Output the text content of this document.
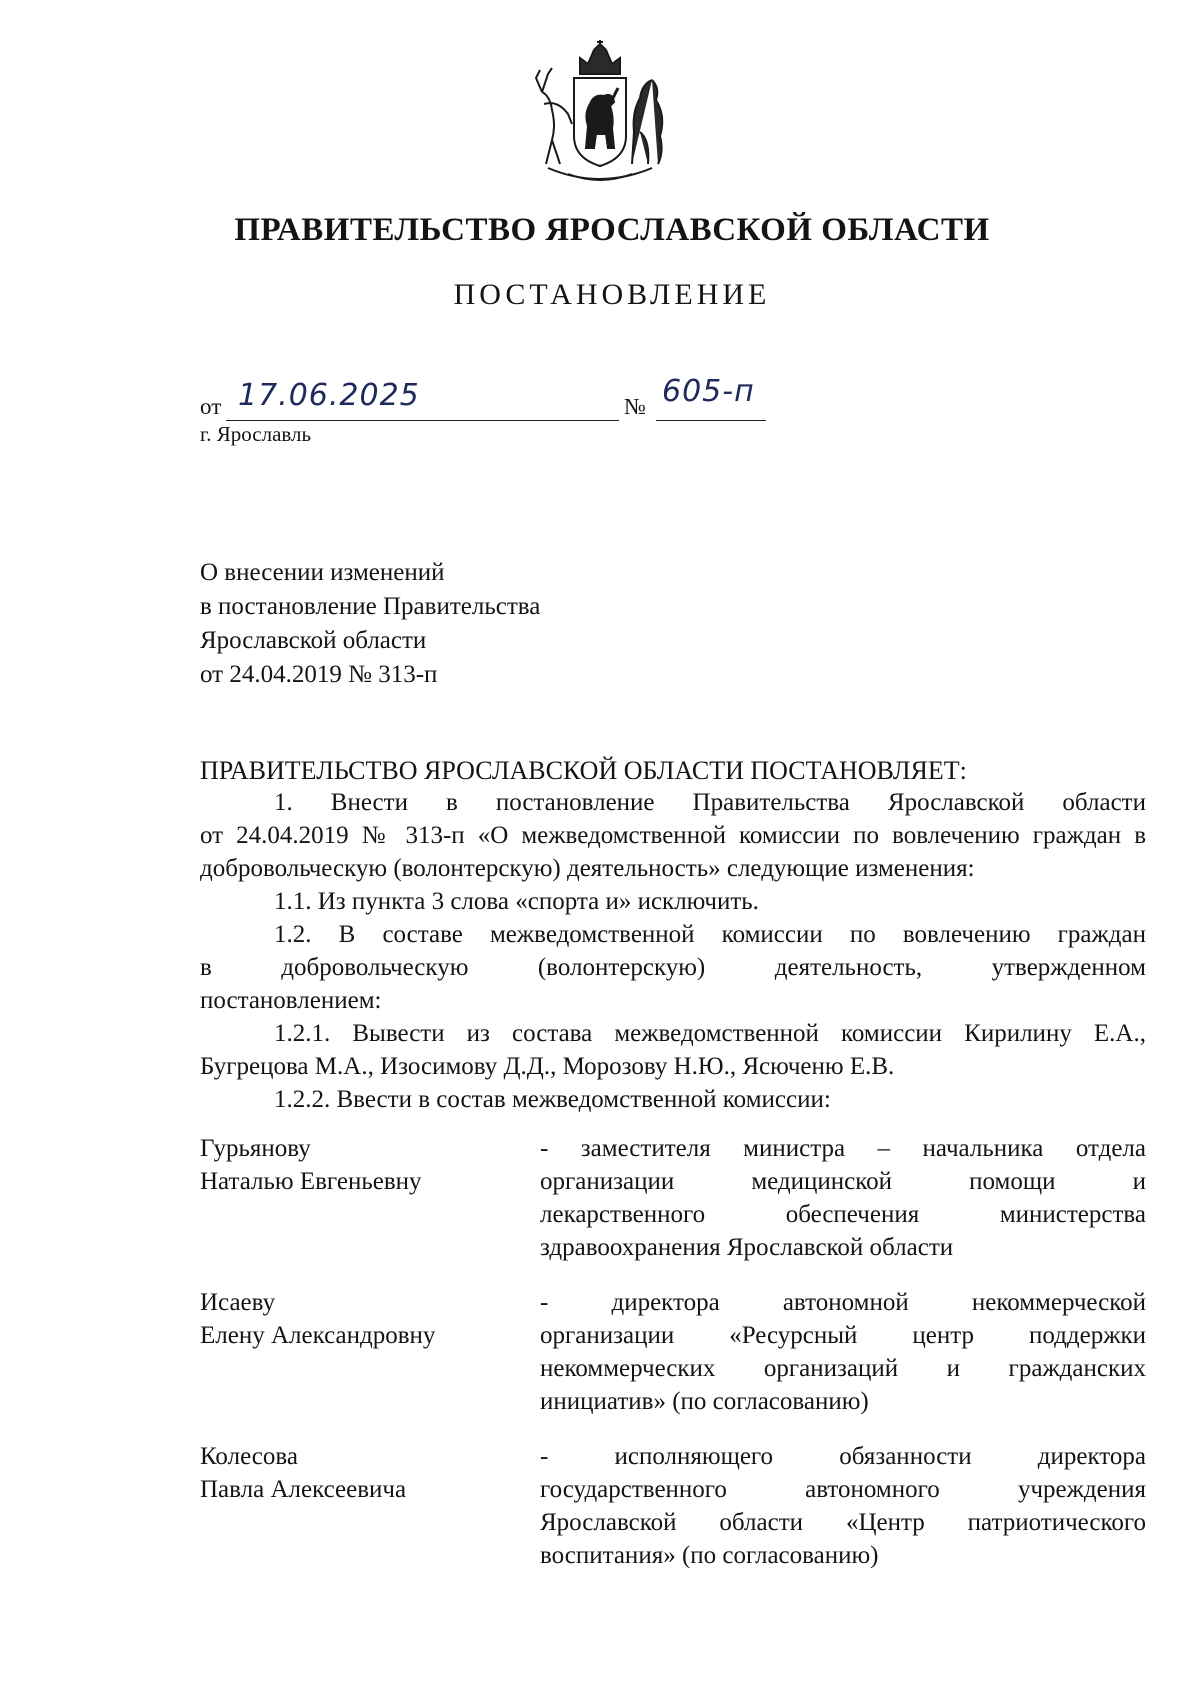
ПРАВИТЕЛЬСТВО ЯРОСЛАВСКОЙ ОБЛАСТИ
ПОСТАНОВЛЕНИЕ
от 17.06.2025	№ 605-п
г. Ярославль
О внесении изменений
в постановление Правительства
Ярославской области
от 24.04.2019 № 313-п
ПРАВИТЕЛЬСТВО ЯРОСЛАВСКОЙ ОБЛАСТИ ПОСТАНОВЛЯЕТ:
1. Внести в постановление Правительства Ярославской области
от 24.04.2019 № 313-п «О межведомственной комиссии по вовлечению граждан в добровольческую (волонтерскую) деятельность» следующие изменения:
1.1. Из пункта 3 слова «спорта и» исключить.
1.2. В составе межведомственной комиссии по вовлечению граждан
в добровольческую (волонтерскую) деятельность, утвержденном
постановлением:
1.2.1. Вывести из состава межведомственной комиссии Кирилину Е.А., Бугрецова М.А., Изосимову Д.Д., Морозову Н.Ю., Ясюченю Е.В.
1.2.2. Ввести в состав межведомственной комиссии:
Гурьянову
Наталью Евгеньевну
- заместителя министра – начальника отдела
организации медицинской помощи и
лекарственного обеспечения министерства
здравоохранения Ярославской области
Исаеву
Елену Александровну
- директора автономной некоммерческой
организации «Ресурсный центр поддержки
некоммерческих организаций и гражданских
инициатив» (по согласованию)
Колесова
Павла Алексеевича
- исполняющего обязанности директора
государственного автономного учреждения
Ярославской области «Центр патриотического
воспитания» (по согласованию)
